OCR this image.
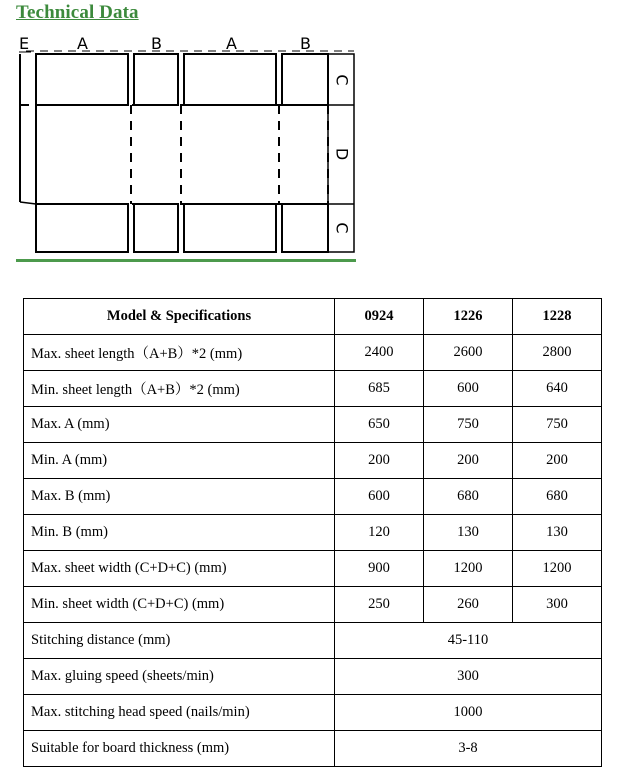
Technical Data
E	A	B	A	B
C
D
C
Model & Specifications	0924	1226	1228
Max. sheet length（A+B）*2 (mm)	2400	2600	2800
Min. sheet length（A+B）*2 (mm)	685	600	640
Max. A (mm)	650	750	750
Min. A (mm)	200	200	200
Max. B (mm)	600	680	680
Min. B (mm)	120	130	130
Max. sheet width (C+D+C) (mm)	900	1200	1200
Min. sheet width (C+D+C) (mm)	250	260	300
Stitching distance (mm)	45-110		
Max. gluing speed (sheets/min)	300		
Max. stitching head speed (nails/min)	1000		
Suitable for board thickness (mm)	3-8		
